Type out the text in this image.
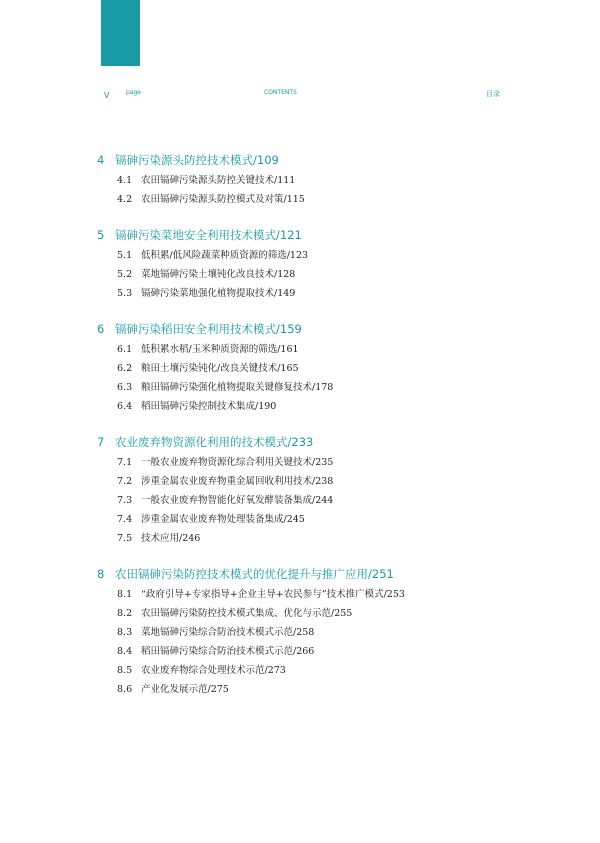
V	page	CONTENTS	目录
4 镉砷污染源头防控技术模式/109
4.1 农田镉砷污染源头防控关键技术/111
4.2 农田镉砷污染源头防控模式及对策/115
5 镉砷污染菜地安全利用技术模式/121
5.1 低积累/低风险蔬菜种质资源的筛选/123
5.2 菜地镉砷污染土壤钝化改良技术/128
5.3 镉砷污染菜地强化植物提取技术/149
6 镉砷污染稻田安全利用技术模式/159
6.1 低积累水稻/玉米种质资源的筛选/161
6.2 粮田土壤污染钝化/改良关键技术/165
6.3 粮田镉砷污染强化植物提取关键修复技术/178
6.4 稻田镉砷污染控制技术集成/190
7 农业废弃物资源化利用的技术模式/233
7.1 一般农业废弃物资源化综合利用关键技术/235
7.2 涉重金属农业废弃物重金属回收利用技术/238
7.3 一般农业废弃物智能化好氧发酵装备集成/244
7.4 涉重金属农业废弃物处理装备集成/245
7.5 技术应用/246
8 农田镉砷污染防控技术模式的优化提升与推广应用/251
8.1 “政府引导+专家指导+企业主导+农民参与”技术推广模式/253
8.2 农田镉砷污染防控技术模式集成、优化与示范/255
8.3 菜地镉砷污染综合防治技术模式示范/258
8.4 稻田镉砷污染综合防治技术模式示范/266
8.5 农业废弃物综合处理技术示范/273
8.6 产业化发展示范/275
